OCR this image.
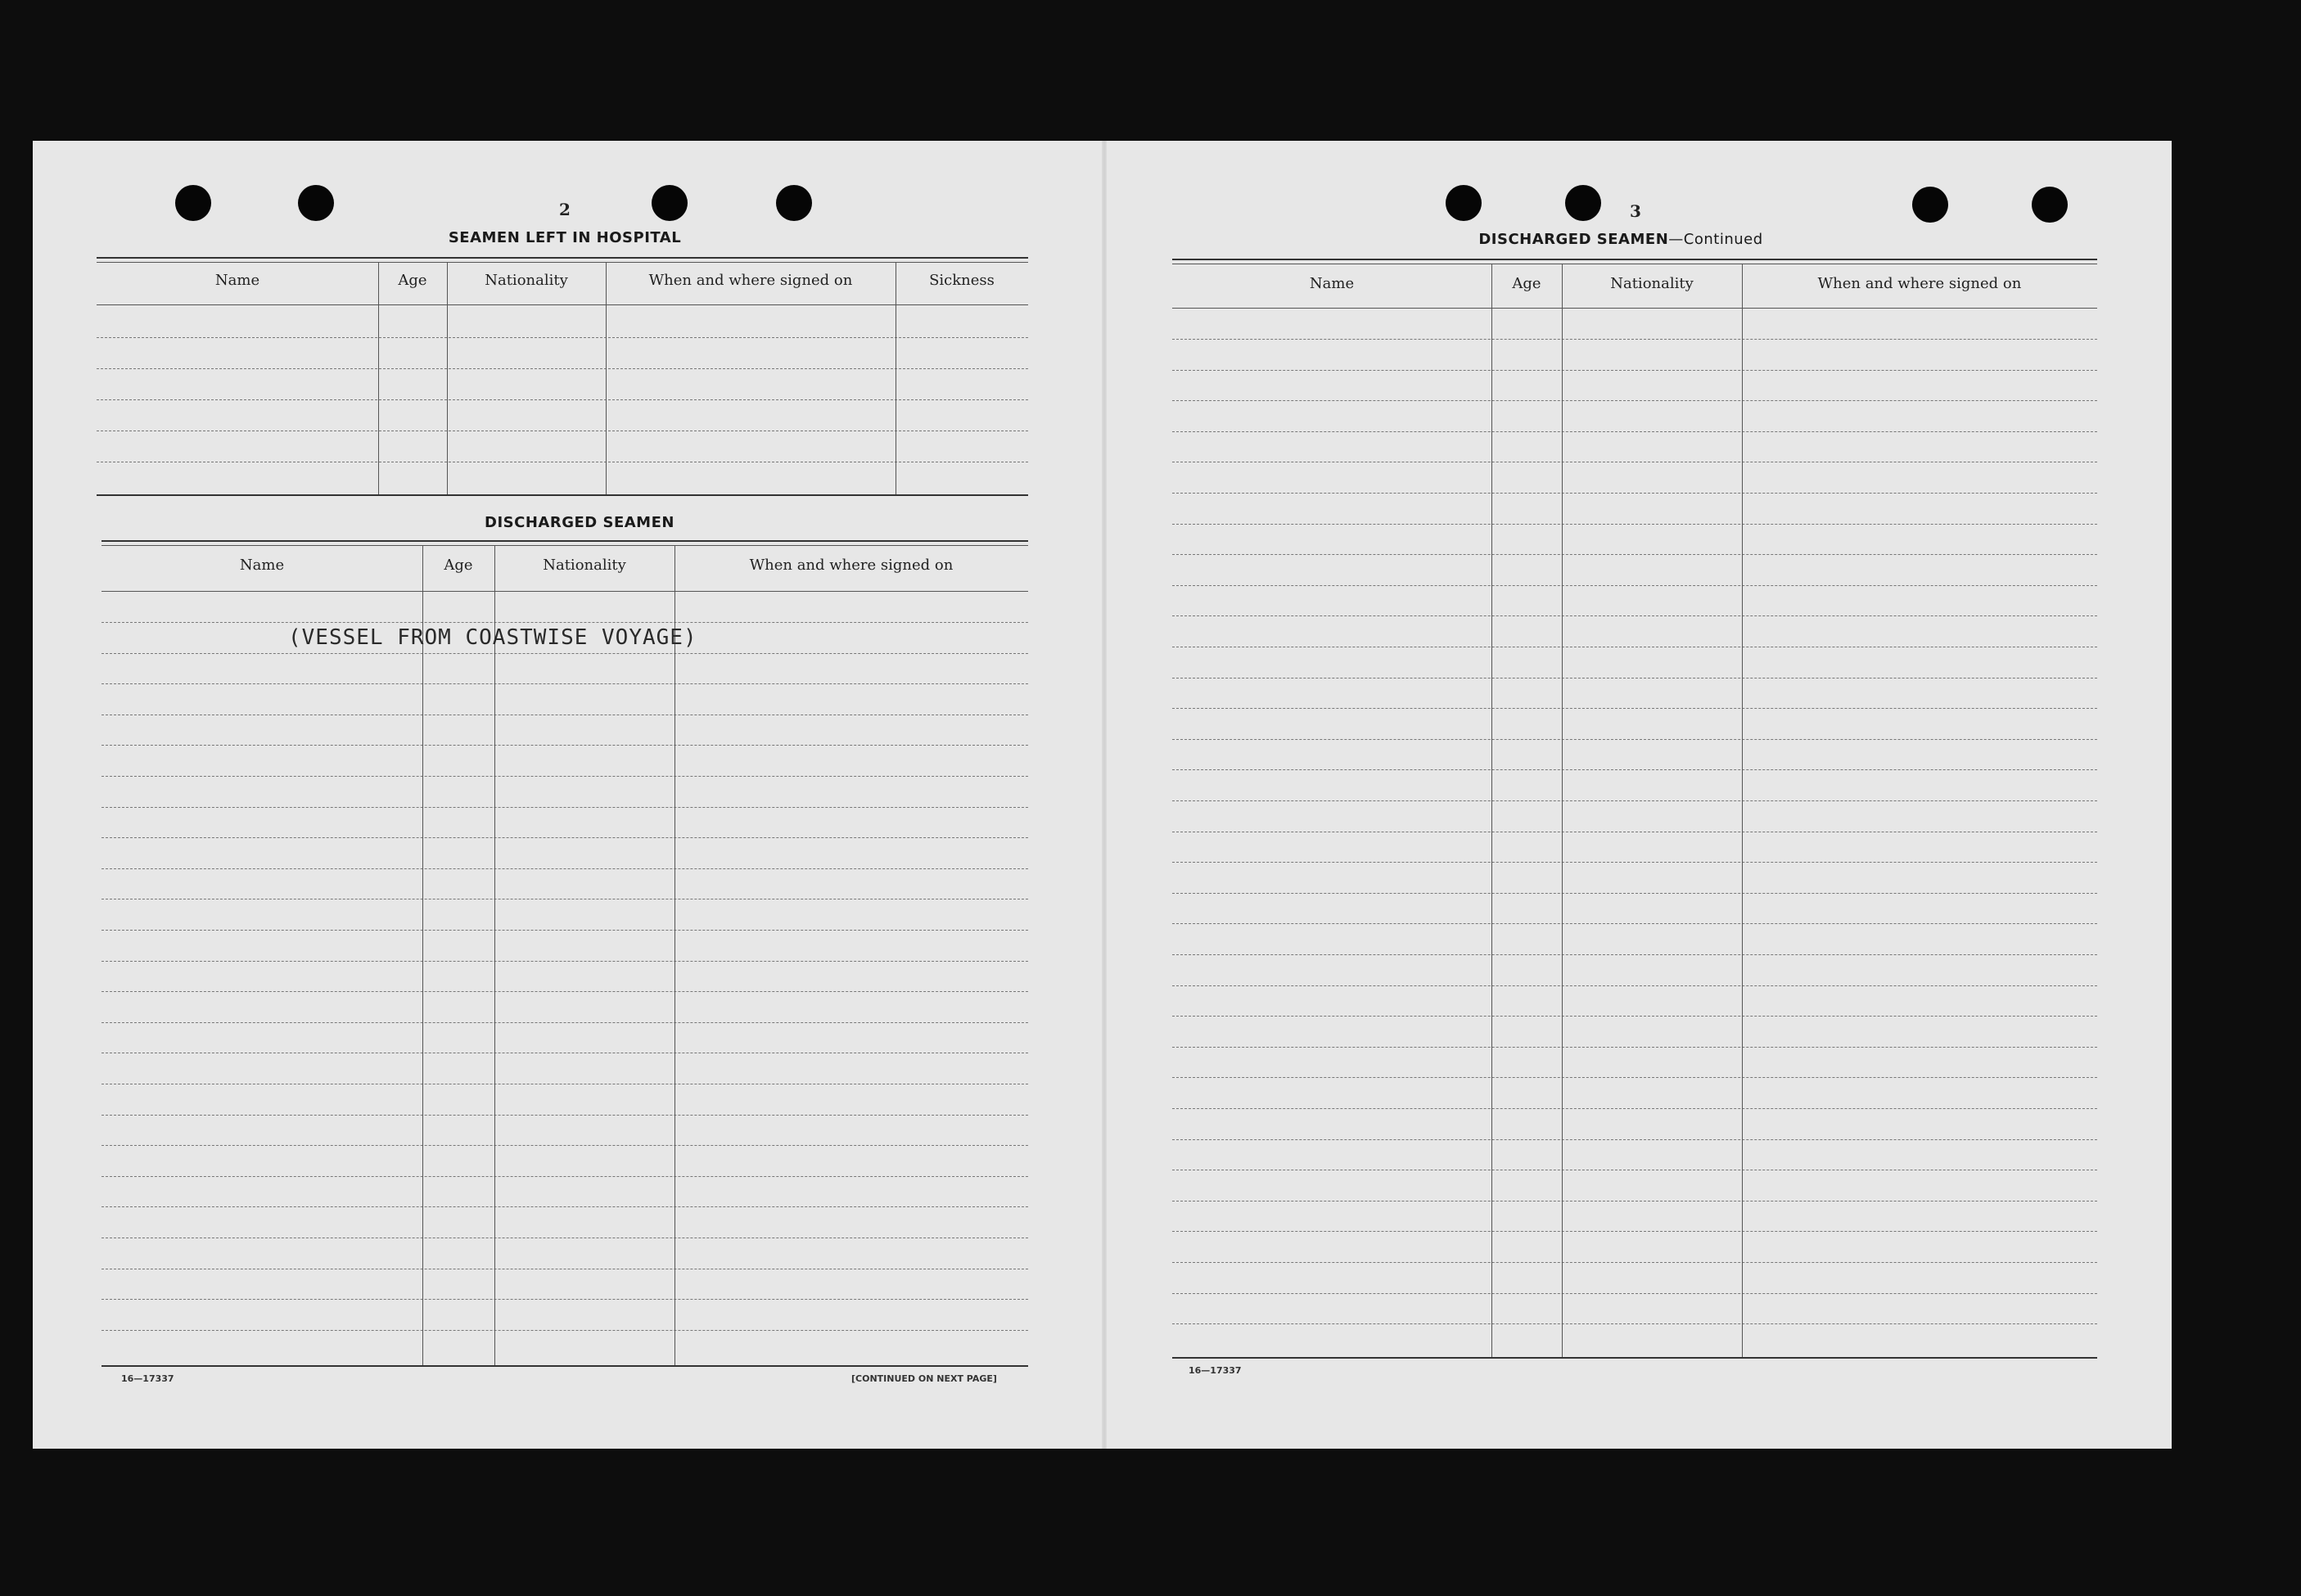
2
SEAMEN LEFT IN HOSPITAL
Name	Age	Nationality	When and where signed on	Sickness
DISCHARGED SEAMEN
Name	Age	Nationality	When and where signed on
(VESSEL FROM COASTWISE VOYAGE)
16—17337	[CONTINUED ON NEXT PAGE]
3
DISCHARGED SEAMEN—Continued
Name	Age	Nationality	When and where signed on
16—17337
